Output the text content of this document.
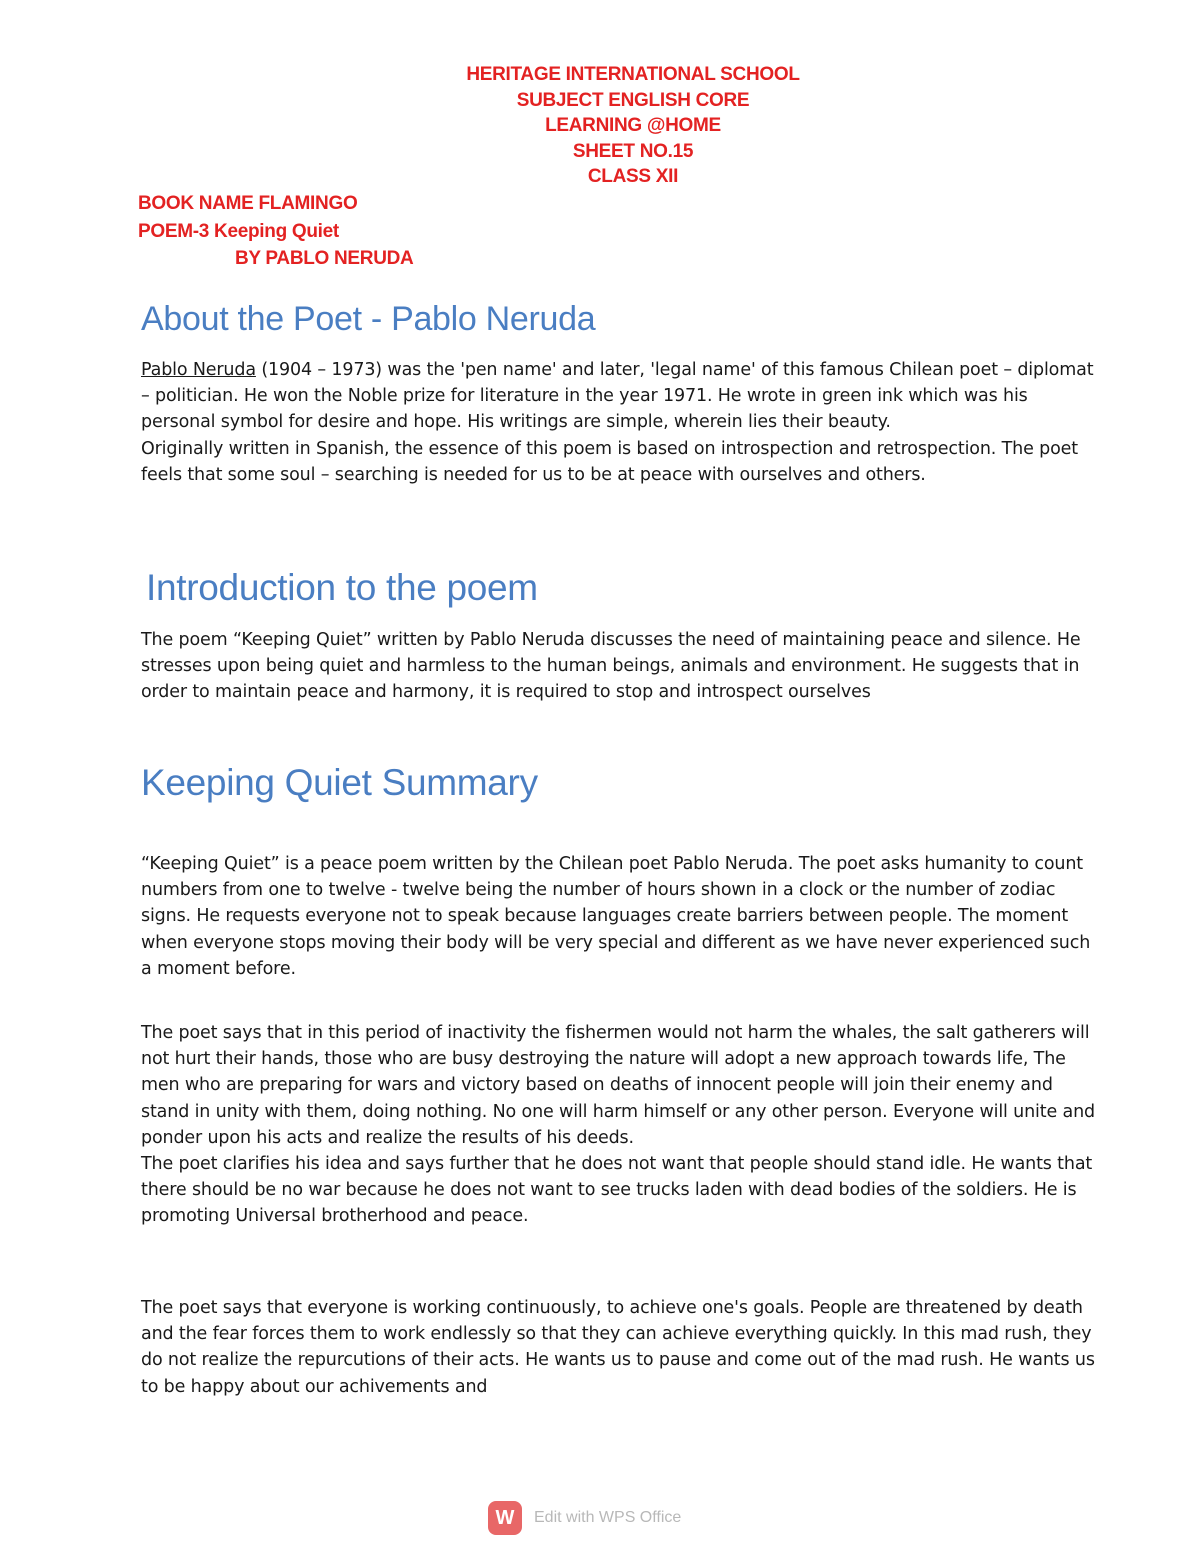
HERITAGE INTERNATIONAL SCHOOL
SUBJECT ENGLISH CORE
LEARNING @HOME
SHEET NO.15
CLASS XII
BOOK NAME FLAMINGO
POEM-3 Keeping Quiet
BY PABLO NERUDA
About the Poet - Pablo Neruda

Pablo Neruda (1904 – 1973) was the 'pen name' and later, 'legal name' of this famous Chilean poet – diplomat – politician. He won the Noble prize for literature in the year 1971. He wrote in green ink which was his personal symbol for desire and hope. His writings are simple, wherein lies their beauty.
Originally written in Spanish, the essence of this poem is based on introspection and retrospection. The poet feels that some soul – searching is needed for us to be at peace with ourselves and others.

Introduction to the poem

The poem “Keeping Quiet” written by Pablo Neruda discusses the need of maintaining peace and silence. He stresses upon being quiet and harmless to the human beings, animals and environment. He suggests that in order to maintain peace and harmony, it is required to stop and introspect ourselves

Keeping Quiet Summary

“Keeping Quiet” is a peace poem written by the Chilean poet Pablo Neruda. The poet asks humanity to count numbers from one to twelve - twelve being the number of hours shown in a clock or the number of zodiac signs. He requests everyone not to speak because languages create barriers between people. The moment when everyone stops moving their body will be very special and different as we have never experienced such a moment before.

The poet says that in this period of inactivity the fishermen would not harm the whales, the salt gatherers will not hurt their hands, those who are busy destroying the nature will adopt a new approach towards life, The men who are preparing for wars and victory based on deaths of innocent people will join their enemy and stand in unity with them, doing nothing. No one will harm himself or any other person. Everyone will unite and ponder upon his acts and realize the results of his deeds.
The poet clarifies his idea and says further that he does not want that people should stand idle. He wants that there should be no war because he does not want to see trucks laden with dead bodies of the soldiers. He is promoting Universal brotherhood and peace.

The poet says that everyone is working continuously, to achieve one's goals. People are threatened by death and the fear forces them to work endlessly so that they can achieve everything quickly. In this mad rush, they do not realize the repurcutions of their acts. He wants us to pause and come out of the mad rush. He wants us to be happy about our achivements and

W	Edit with WPS Office
